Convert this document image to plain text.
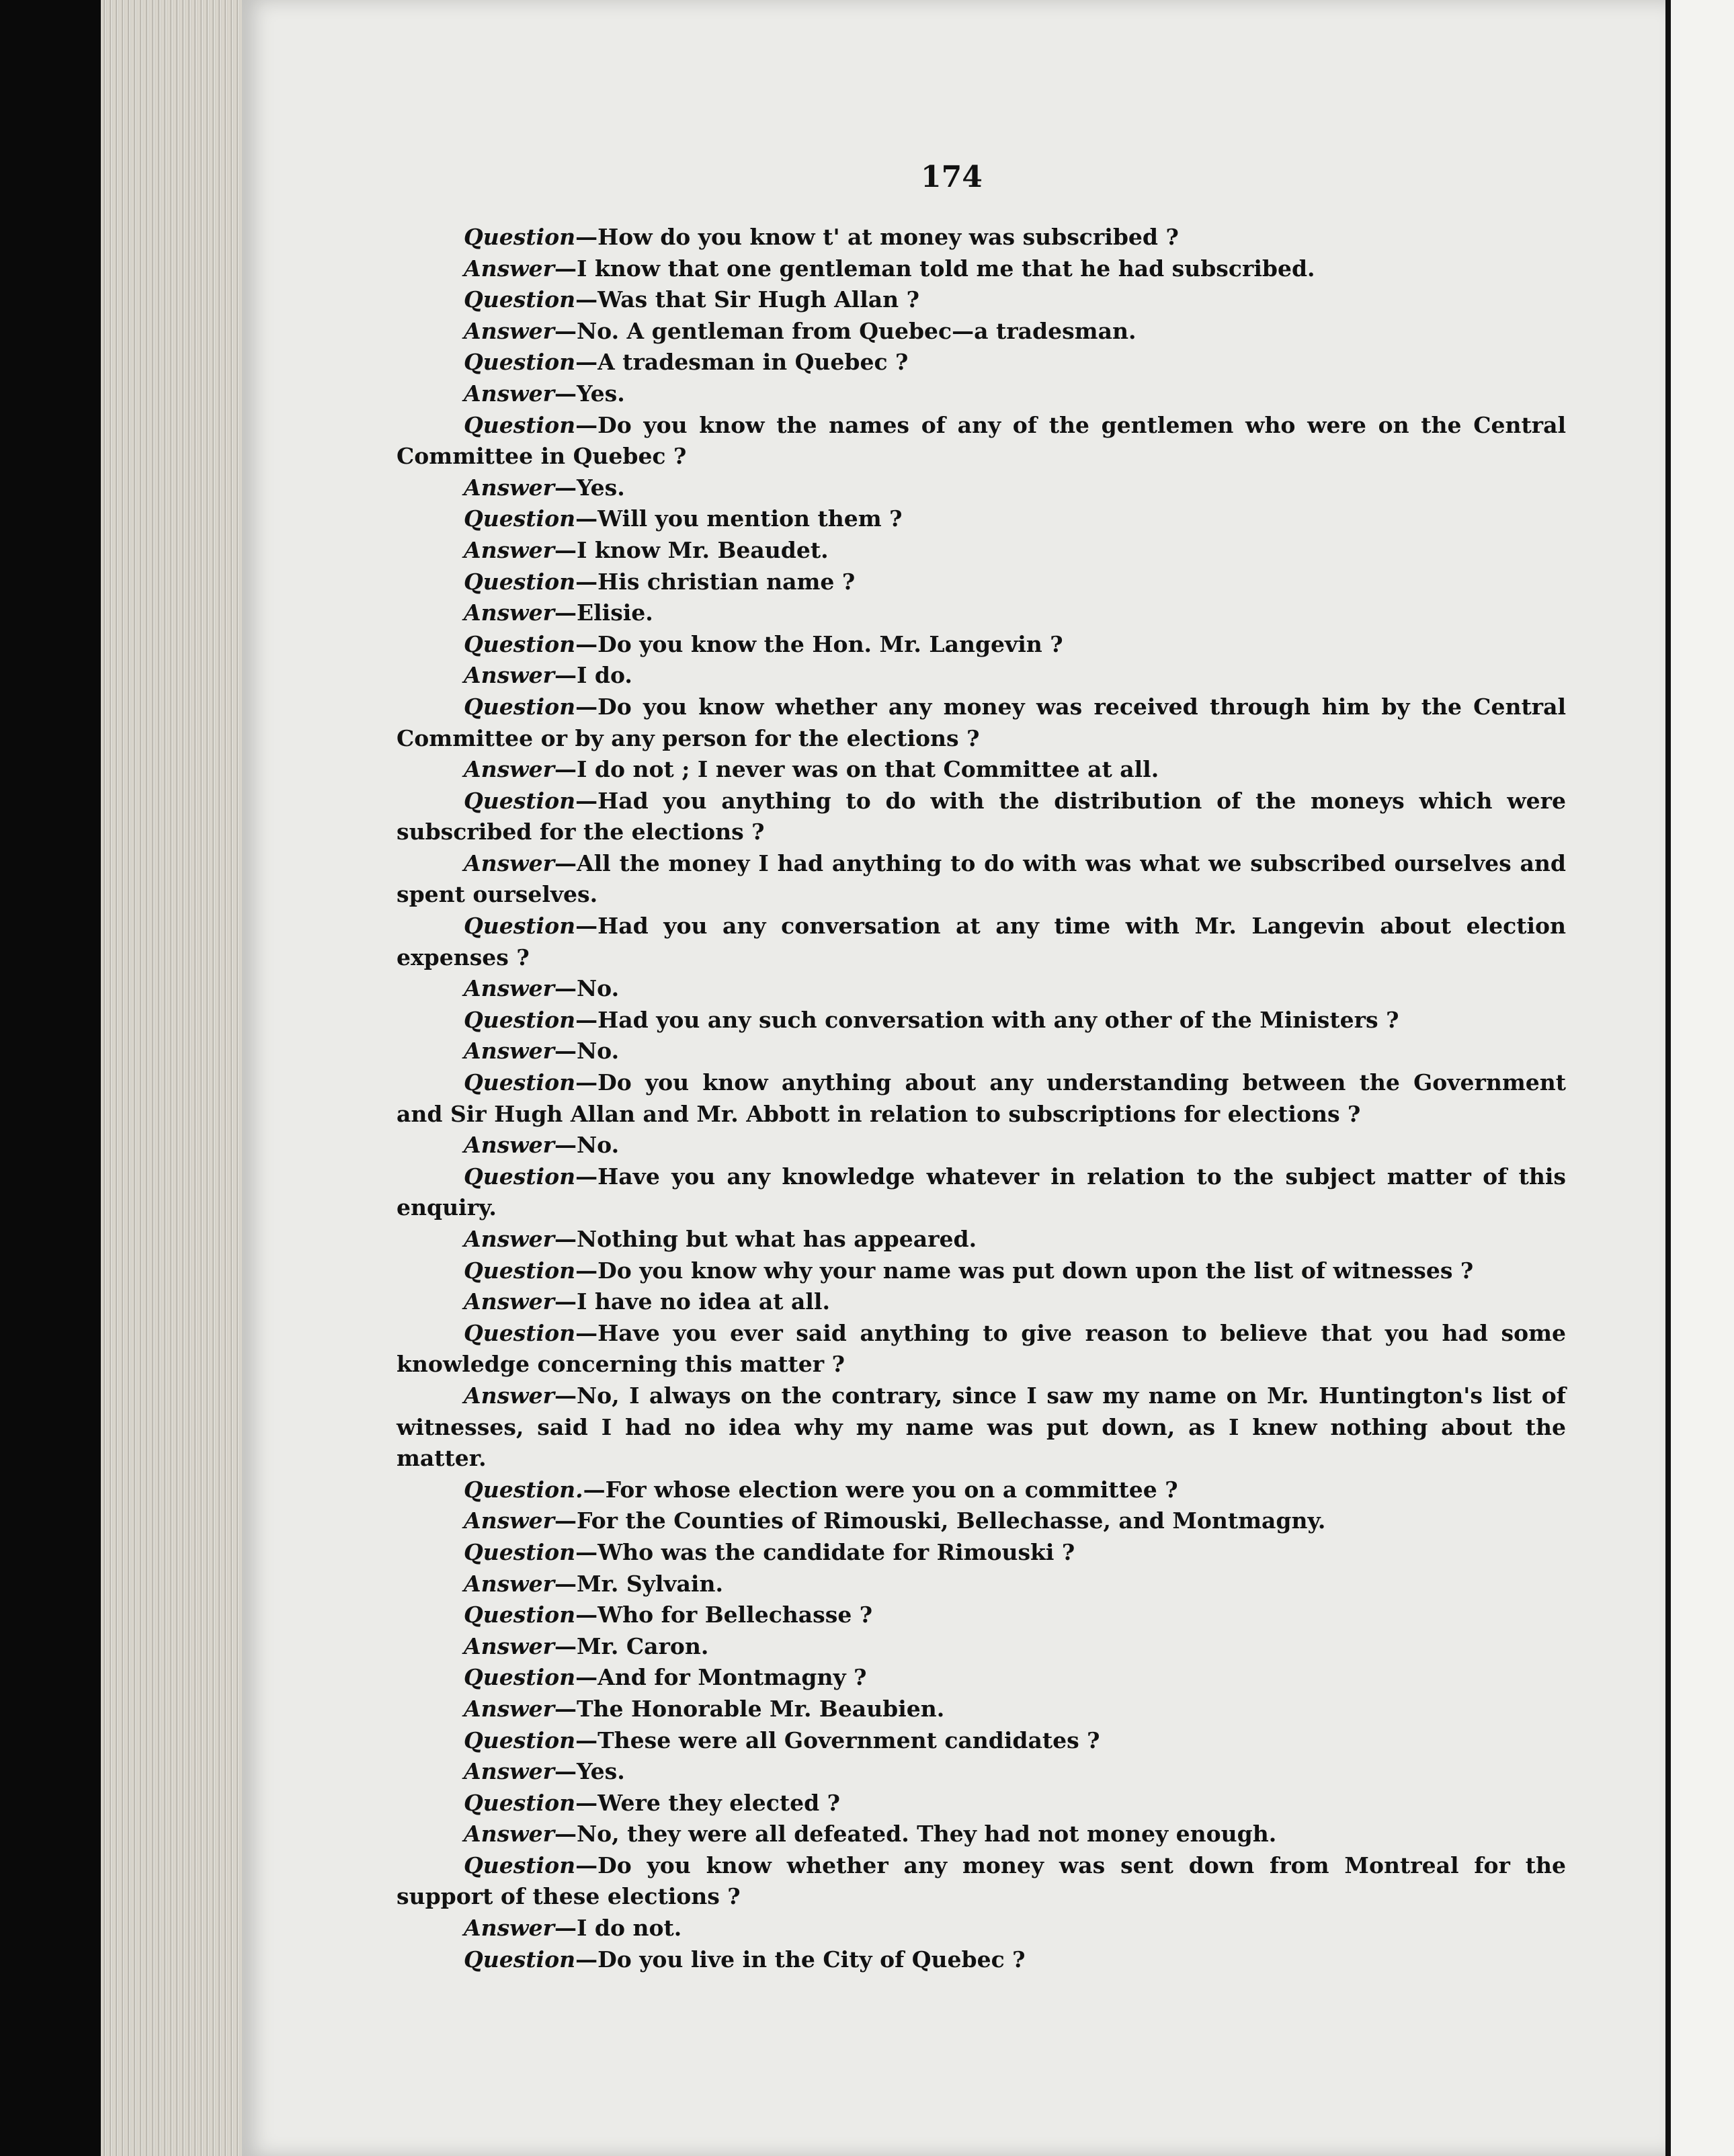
174

Question—How do you know t' at money was subscribed ?

Answer—I know that one gentleman told me that he had subscribed.

Question—Was that Sir Hugh Allan ?

Answer—No. A gentleman from Quebec—a tradesman.

Question—A tradesman in Quebec ?

Answer—Yes.

Question—Do you know the names of any of the gentlemen who were on the Central Committee in Quebec ?

Answer—Yes.

Question—Will you mention them ?

Answer—I know Mr. Beaudet.

Question—His christian name ?

Answer—Elisie.

Question—Do you know the Hon. Mr. Langevin ?

Answer—I do.

Question—Do you know whether any money was received through him by the Central Committee or by any person for the elections ?

Answer—I do not ; I never was on that Committee at all.

Question—Had you anything to do with the distribution of the moneys which were subscribed for the elections ?

Answer—All the money I had anything to do with was what we subscribed ourselves and spent ourselves.

Question—Had you any conversation at any time with Mr. Langevin about election expenses ?

Answer—No.

Question—Had you any such conversation with any other of the Ministers ?

Answer—No.

Question—Do you know anything about any understanding between the Government and Sir Hugh Allan and Mr. Abbott in relation to subscriptions for elections ?

Answer—No.

Question—Have you any knowledge whatever in relation to the subject matter of this enquiry.

Answer—Nothing but what has appeared.

Question—Do you know why your name was put down upon the list of witnesses ?

Answer—I have no idea at all.

Question—Have you ever said anything to give reason to believe that you had some knowledge concerning this matter ?

Answer—No, I always on the contrary, since I saw my name on Mr. Huntington's list of witnesses, said I had no idea why my name was put down, as I knew nothing about the matter.

Question.—For whose election were you on a committee ?

Answer—For the Counties of Rimouski, Bellechasse, and Montmagny.

Question—Who was the candidate for Rimouski ?

Answer—Mr. Sylvain.

Question—Who for Bellechasse ?

Answer—Mr. Caron.

Question—And for Montmagny ?

Answer—The Honorable Mr. Beaubien.

Question—These were all Government candidates ?

Answer—Yes.

Question—Were they elected ?

Answer—No, they were all defeated. They had not money enough.

Question—Do you know whether any money was sent down from Montreal for the support of these elections ?

Answer—I do not.

Question—Do you live in the City of Quebec ?
